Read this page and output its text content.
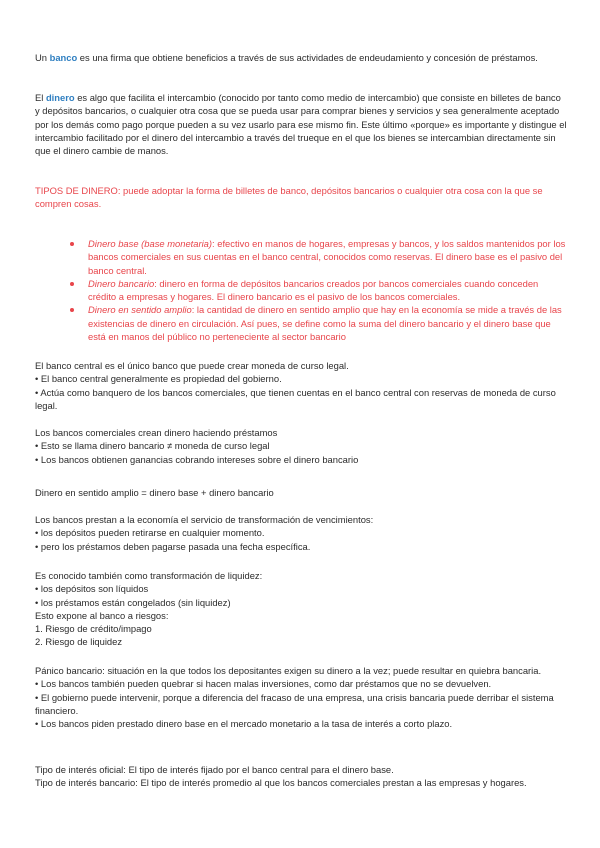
Un banco es una firma que obtiene beneficios a través de sus actividades de endeudamiento y concesión de préstamos.

El dinero es algo que facilita el intercambio (conocido por tanto como medio de intercambio) que consiste en billetes de banco y depósitos bancarios, o cualquier otra cosa que se pueda usar para comprar bienes y servicios y sea generalmente aceptado por los demás como pago porque pueden a su vez usarlo para ese mismo fin. Este último «porque» es importante y distingue el intercambio facilitado por el dinero del intercambio a través del trueque en el que los bienes se intercambian directamente sin que el dinero cambie de manos.

TIPOS DE DINERO: puede adoptar la forma de billetes de banco, depósitos bancarios o cualquier otra cosa con la que se compren cosas.

Dinero base (base monetaria): efectivo en manos de hogares, empresas y bancos, y los saldos mantenidos por los bancos comerciales en sus cuentas en el banco central, conocidos como reservas. El dinero base es el pasivo del banco central.
Dinero bancario: dinero en forma de depósitos bancarios creados por bancos comerciales cuando conceden crédito a empresas y hogares. El dinero bancario es el pasivo de los bancos comerciales.
Dinero en sentido amplio: la cantidad de dinero en sentido amplio que hay en la economía se mide a través de las existencias de dinero en circulación. Así pues, se define como la suma del dinero bancario y el dinero base que está en manos del público no perteneciente al sector bancario

El banco central es el único banco que puede crear moneda de curso legal.

• El banco central generalmente es propiedad del gobierno.

• Actúa como banquero de los bancos comerciales, que tienen cuentas en el banco central con reservas de moneda de curso legal.

Los bancos comerciales crean dinero haciendo préstamos

• Esto se llama dinero bancario ≠ moneda de curso legal

• Los bancos obtienen ganancias cobrando intereses sobre el dinero bancario

Dinero en sentido amplio = dinero base + dinero bancario

Los bancos prestan a la economía el servicio de transformación de vencimientos:

• los depósitos pueden retirarse en cualquier momento.

• pero los préstamos deben pagarse pasada una fecha específica.

Es conocido también como transformación de liquidez:

• los depósitos son líquidos

• los préstamos están congelados (sin liquidez)

Esto expone al banco a riesgos:

1. Riesgo de crédito/impago

2. Riesgo de liquidez

Pánico bancario: situación en la que todos los depositantes exigen su dinero a la vez; puede resultar en quiebra bancaria.

• Los bancos también pueden quebrar si hacen malas inversiones, como dar préstamos que no se devuelven.

• El gobierno puede intervenir, porque a diferencia del fracaso de una empresa, una crisis bancaria puede derribar el sistema financiero.

• Los bancos piden prestado dinero base en el mercado monetario a la tasa de interés a corto plazo.

Tipo de interés oficial: El tipo de interés fijado por el banco central para el dinero base.

Tipo de interés bancario: El tipo de interés promedio al que los bancos comerciales prestan a las empresas y hogares.
